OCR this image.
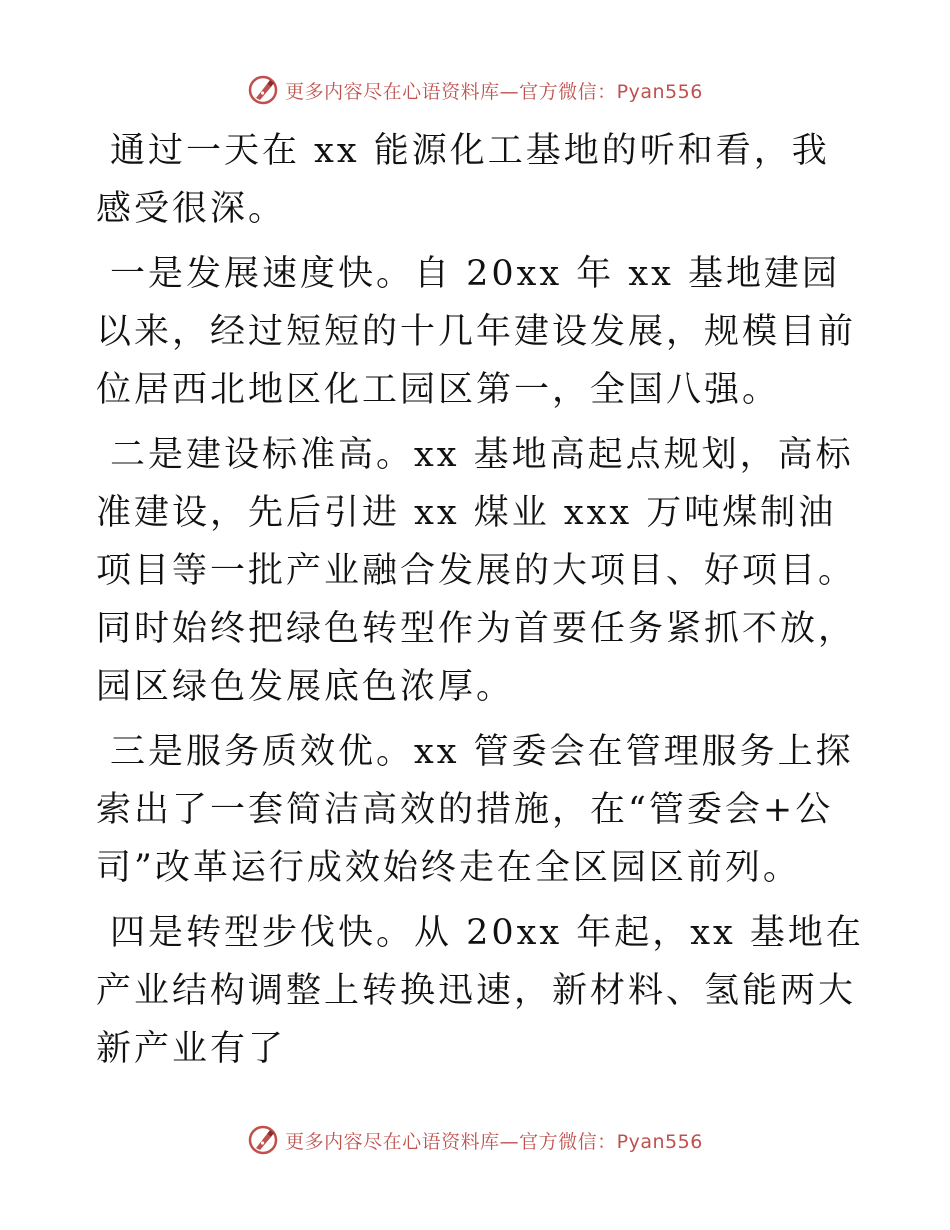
更多内容尽在心语资料库—官方微信：Pyan556

通过一天在 xx 能源化工基地的听和看，我感受很深。

一是发展速度快。自 20xx 年 xx 基地建园以来，经过短短的十几年建设发展，规模目前位居西北地区化工园区第一，全国八强。

二是建设标准高。xx 基地高起点规划，高标准建设，先后引进 xx 煤业 xxx 万吨煤制油项目等一批产业融合发展的大项目、好项目。同时始终把绿色转型作为首要任务紧抓不放，园区绿色发展底色浓厚。

三是服务质效优。xx 管委会在管理服务上探索出了一套简洁高效的措施，在“管委会+公司”改革运行成效始终走在全区园区前列。

四是转型步伐快。从 20xx 年起，xx 基地在产业结构调整上转换迅速，新材料、氢能两大新产业有了

更多内容尽在心语资料库—官方微信：Pyan556
